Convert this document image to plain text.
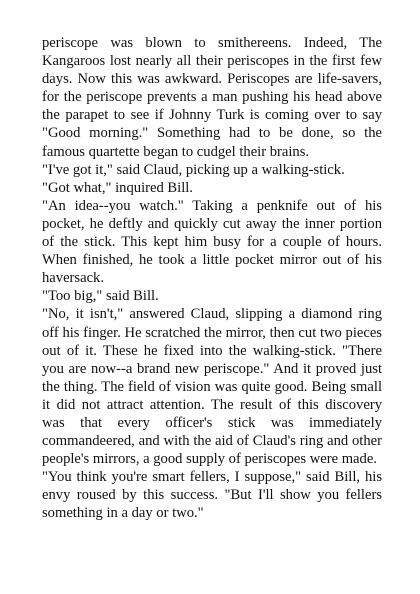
periscope was blown to smithereens. Indeed, The Kangaroos lost nearly all their periscopes in the first few days. Now this was awkward. Periscopes are life-savers, for the periscope prevents a man pushing his head above the parapet to see if Johnny Turk is coming over to say "Good morning." Something had to be done, so the famous quartette began to cudgel their brains.

"I've got it," said Claud, picking up a walking-stick.

"Got what," inquired Bill.

"An idea--you watch." Taking a penknife out of his pocket, he deftly and quickly cut away the inner portion of the stick. This kept him busy for a couple of hours. When finished, he took a little pocket mirror out of his haversack.

"Too big," said Bill.

"No, it isn't," answered Claud, slipping a diamond ring off his finger. He scratched the mirror, then cut two pieces out of it. These he fixed into the walking-stick. "There you are now--a brand new periscope." And it proved just the thing. The field of vision was quite good. Being small it did not attract attention. The result of this discovery was that every officer's stick was immediately commandeered, and with the aid of Claud's ring and other people's mirrors, a good supply of periscopes were made.

"You think you're smart fellers, I suppose," said Bill, his envy roused by this success. "But I'll show you fellers something in a day or two."
